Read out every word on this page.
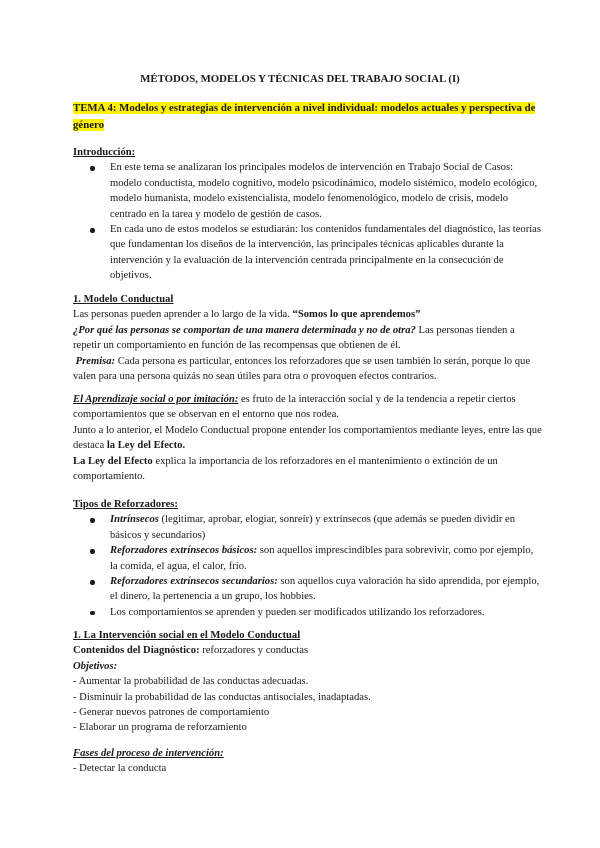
MÉTODOS, MODELOS Y TÉCNICAS DEL TRABAJO SOCIAL (I)
TEMA 4: Modelos y estrategias de intervención a nivel individual: modelos actuales y perspectiva de género

Introducción:

En este tema se analizaran los principales modelos de intervención en Trabajo Social de Casos: modelo conductista, modelo cognitivo, modelo psicodinámico, modelo sistémico, modelo ecológico, modelo humanista, modelo existencialista, modelo fenomenológico, modelo de crisis, modelo centrado en la tarea y modelo de gestión de casos.
En cada uno de estos modelos se estudiarán: los contenidos fundamentales del diagnóstico, las teorías que fundamentan los diseños de la intervención, las principales técnicas aplicables durante la intervención y la evaluación de la intervención centrada principalmente en la consecución de objetivos.

1. Modelo Conductual

Las personas pueden aprender a lo largo de la vida. “Somos lo que aprendemos”

¿Por qué las personas se comportan de una manera determinada y no de otra? Las personas tienden a repetir un comportamiento en función de las recompensas que obtienen de él.

Premisa: Cada persona es particular, entonces los reforzadores que se usen también lo serán, porque lo que valen para una persona quizás no sean útiles para otra o provoquen efectos contrarios.

El Aprendizaje social o por imitación: es fruto de la interacción social y de la tendencia a repetir ciertos comportamientos que se observan en el entorno que nos rodea.

Junto a lo anterior, el Modelo Conductual propone entender los comportamientos mediante leyes, entre las que destaca la Ley del Efecto.

La Ley del Efecto explica la importancia de los reforzadores en el mantenimiento o extinción de un comportamiento.

Tipos de Reforzadores:

Intrínsecos (legitimar, aprobar, elogiar, sonreír) y extrínsecos (que además se pueden dividir en básicos y secundarios)
Reforzadores extrínsecos básicos: son aquellos imprescindibles para sobrevivir, como por ejemplo, la comida, el agua, el calor, frío.
Reforzadores extrínsecos secundarios: son aquellos cuya valoración ha sido aprendida, por ejemplo, el dinero, la pertenencia a un grupo, los hobbies.
Los comportamientos se aprenden y pueden ser modificados utilizando los reforzadores.

1. La Intervención social en el Modelo Conductual

Contenidos del Diagnóstico: reforzadores y conductas

Objetivos:

- Aumentar la probabilidad de las conductas adecuadas.

- Disminuir la probabilidad de las conductas antisociales, inadaptadas.

- Generar nuevos patrones de comportamiento

- Elaborar un programa de reforzamiento

Fases del proceso de intervención:

- Detectar la conducta
